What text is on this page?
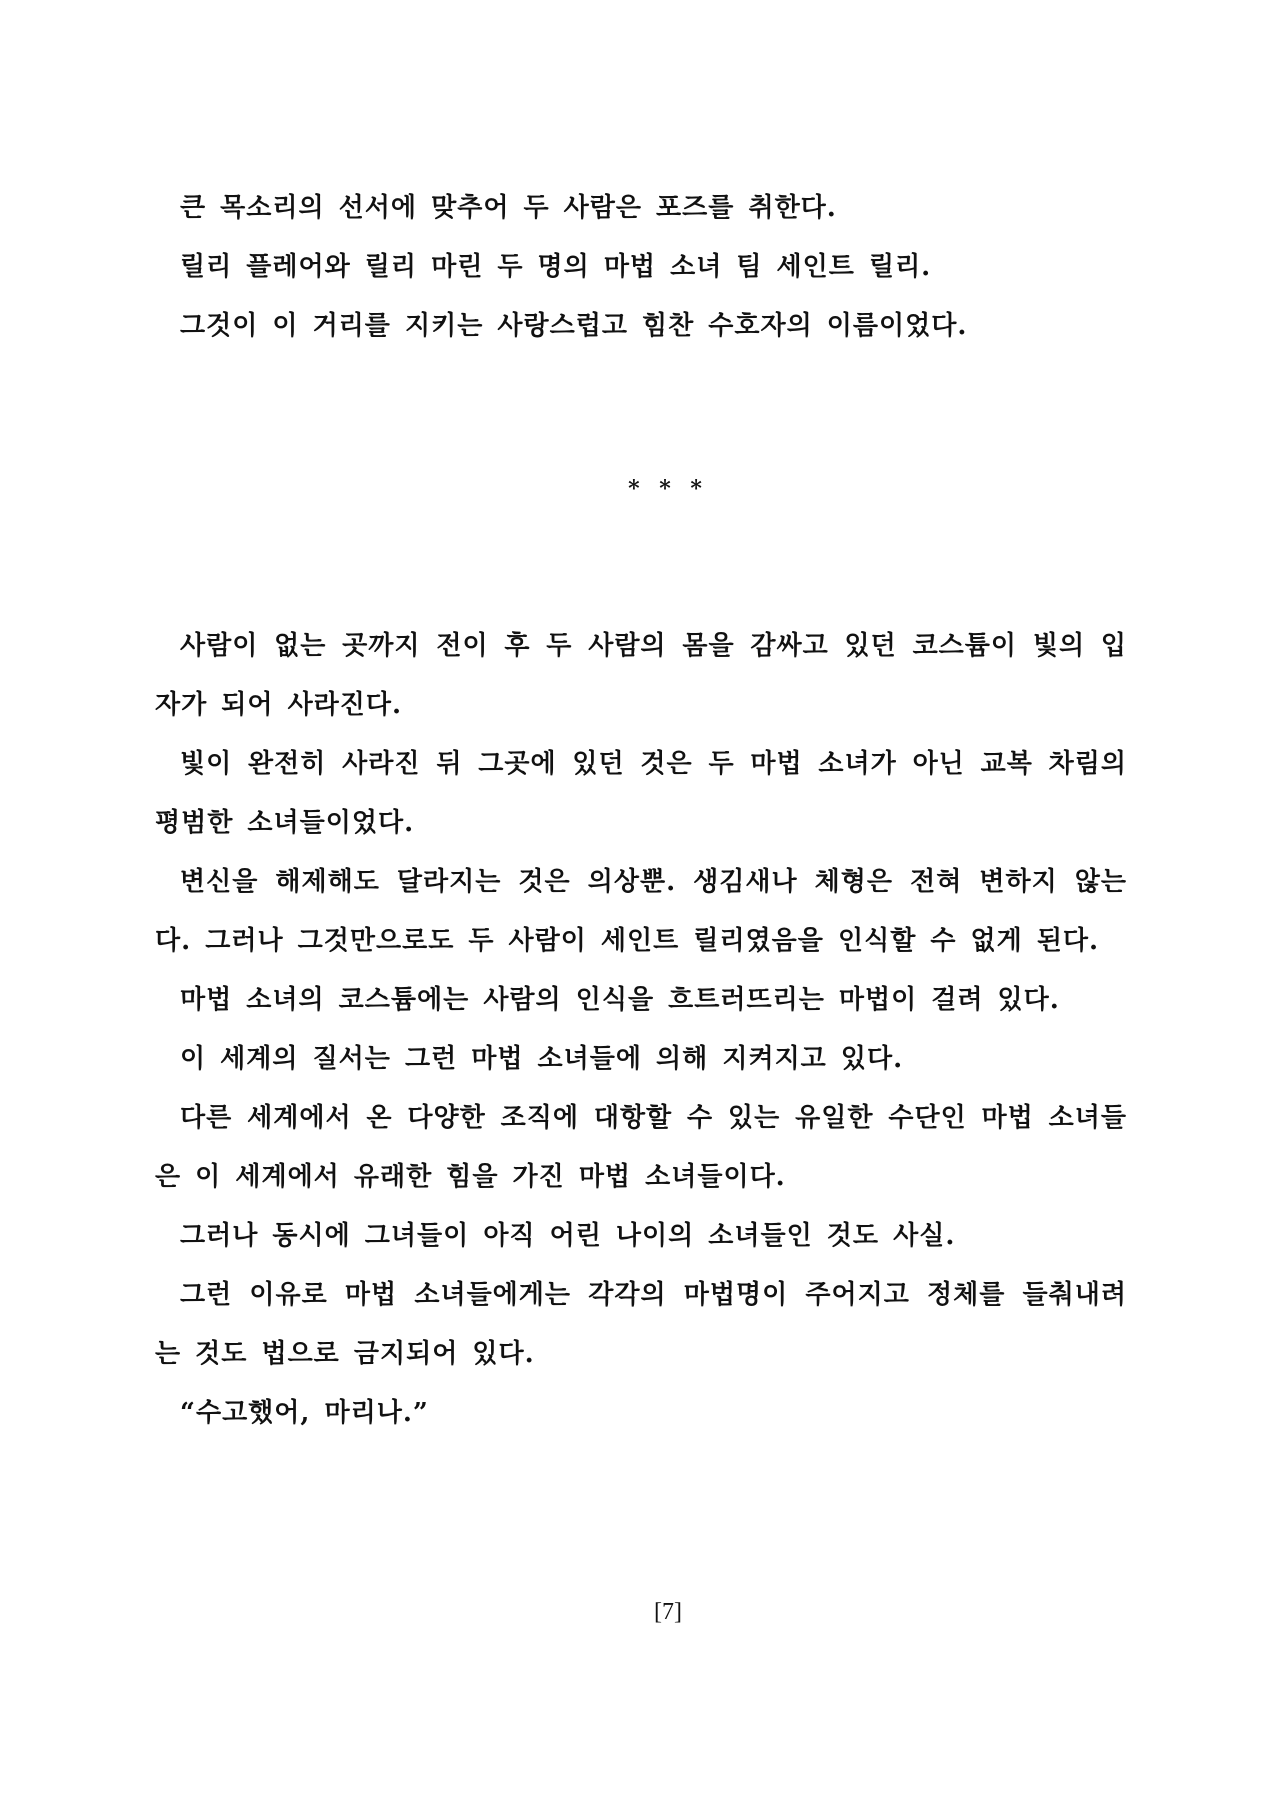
큰 목소리의 선서에 맞추어 두 사람은 포즈를 취한다.

릴리 플레어와 릴리 마린 두 명의 마법 소녀 팀 세인트 릴리.

그것이 이 거리를 지키는 사랑스럽고 힘찬 수호자의 이름이었다.

* * *

사람이 없는 곳까지 전이 후 두 사람의 몸을 감싸고 있던 코스튬이 빛의 입자가 되어 사라진다.

빛이 완전히 사라진 뒤 그곳에 있던 것은 두 마법 소녀가 아닌 교복 차림의 평범한 소녀들이었다.

변신을 해제해도 달라지는 것은 의상뿐. 생김새나 체형은 전혀 변하지 않는다. 그러나 그것만으로도 두 사람이 세인트 릴리였음을 인식할 수 없게 된다.

마법 소녀의 코스튬에는 사람의 인식을 흐트러뜨리는 마법이 걸려 있다.

이 세계의 질서는 그런 마법 소녀들에 의해 지켜지고 있다.

다른 세계에서 온 다양한 조직에 대항할 수 있는 유일한 수단인 마법 소녀들은 이 세계에서 유래한 힘을 가진 마법 소녀들이다.

그러나 동시에 그녀들이 아직 어린 나이의 소녀들인 것도 사실.

그런 이유로 마법 소녀들에게는 각각의 마법명이 주어지고 정체를 들춰내려는 것도 법으로 금지되어 있다.

“수고했어, 마리나.”

[7]
